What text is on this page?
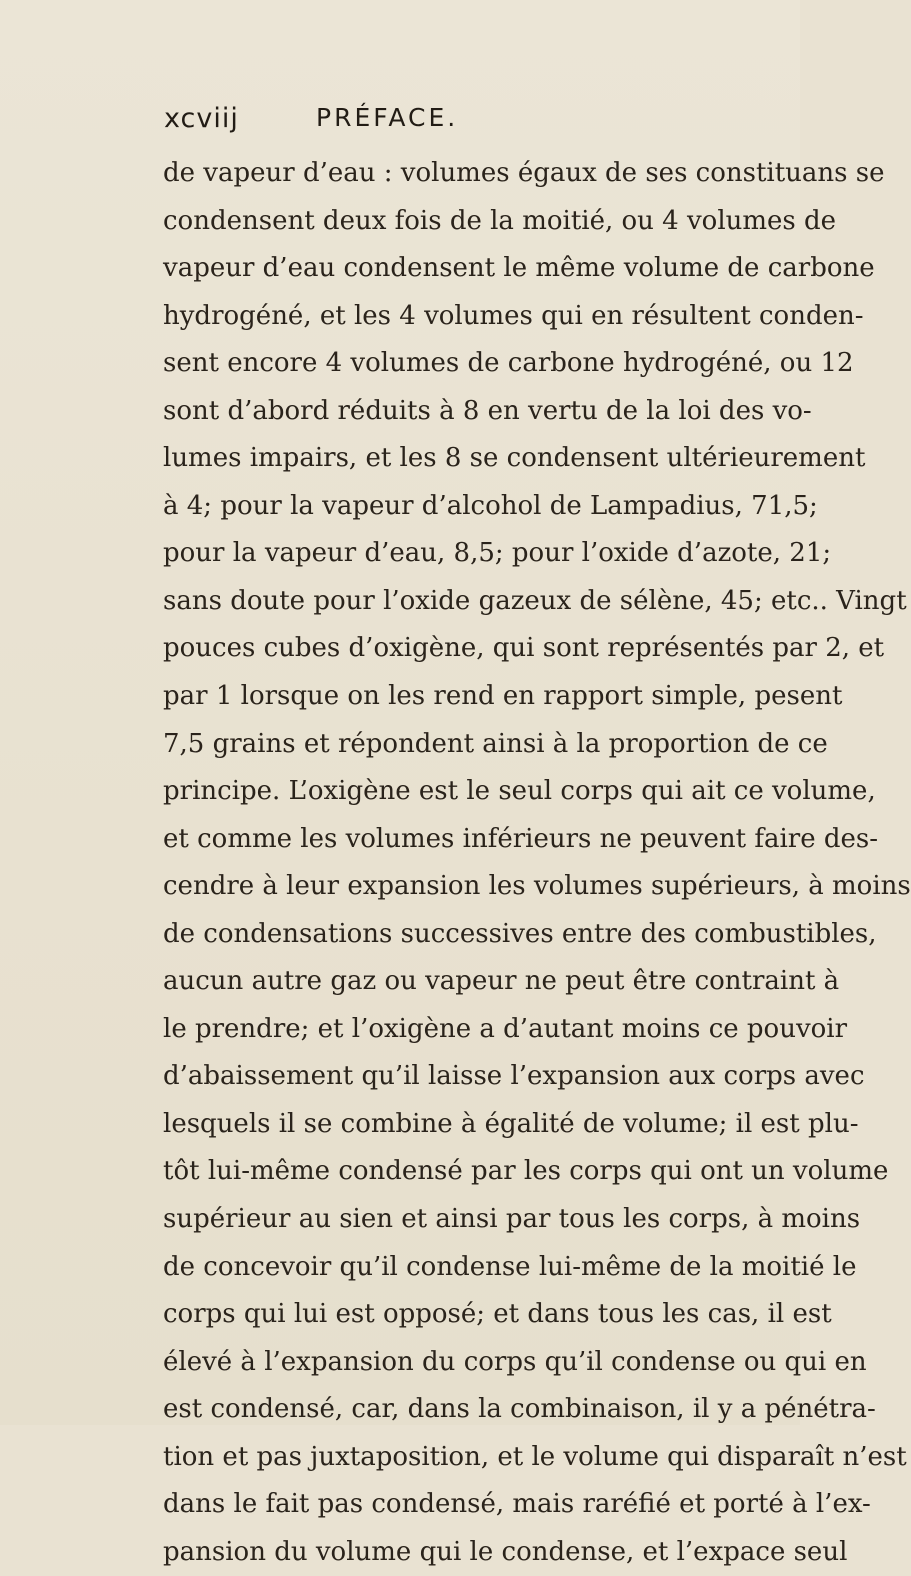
xcviij	PRÉFACE.
de vapeur d’eau : volumes égaux de ses constituans se
condensent deux fois de la moitié, ou 4 volumes de
vapeur d’eau condensent le même volume de carbone
hydrogéné, et les 4 volumes qui en résultent conden-
sent encore 4 volumes de carbone hydrogéné, ou 12
sont d’abord réduits à 8 en vertu de la loi des vo-
lumes impairs, et les 8 se condensent ultérieurement
à 4; pour la vapeur d’alcohol de Lampadius, 71,5;
pour la vapeur d’eau, 8,5; pour l’oxide d’azote, 21;
sans doute pour l’oxide gazeux de sélène, 45; etc.. Vingt
pouces cubes d’oxigène, qui sont représentés par 2, et
par 1 lorsque on les rend en rapport simple, pesent
7,5 grains et répondent ainsi à la proportion de ce
principe. L’oxigène est le seul corps qui ait ce volume,
et comme les volumes inférieurs ne peuvent faire des-
cendre à leur expansion les volumes supérieurs, à moins
de condensations successives entre des combustibles,
aucun autre gaz ou vapeur ne peut être contraint à
le prendre; et l’oxigène a d’autant moins ce pouvoir
d’abaissement qu’il laisse l’expansion aux corps avec
lesquels il se combine à égalité de volume; il est plu-
tôt lui-même condensé par les corps qui ont un volume
supérieur au sien et ainsi par tous les corps, à moins
de concevoir qu’il condense lui-même de la moitié le
corps qui lui est opposé; et dans tous les cas, il est
élevé à l’expansion du corps qu’il condense ou qui en
est condensé, car, dans la combinaison, il y a pénétra-
tion et pas juxtaposition, et le volume qui disparaît n’est
dans le fait pas condensé, mais raréfié et porté à l’ex-
pansion du volume qui le condense, et l’expace seul
